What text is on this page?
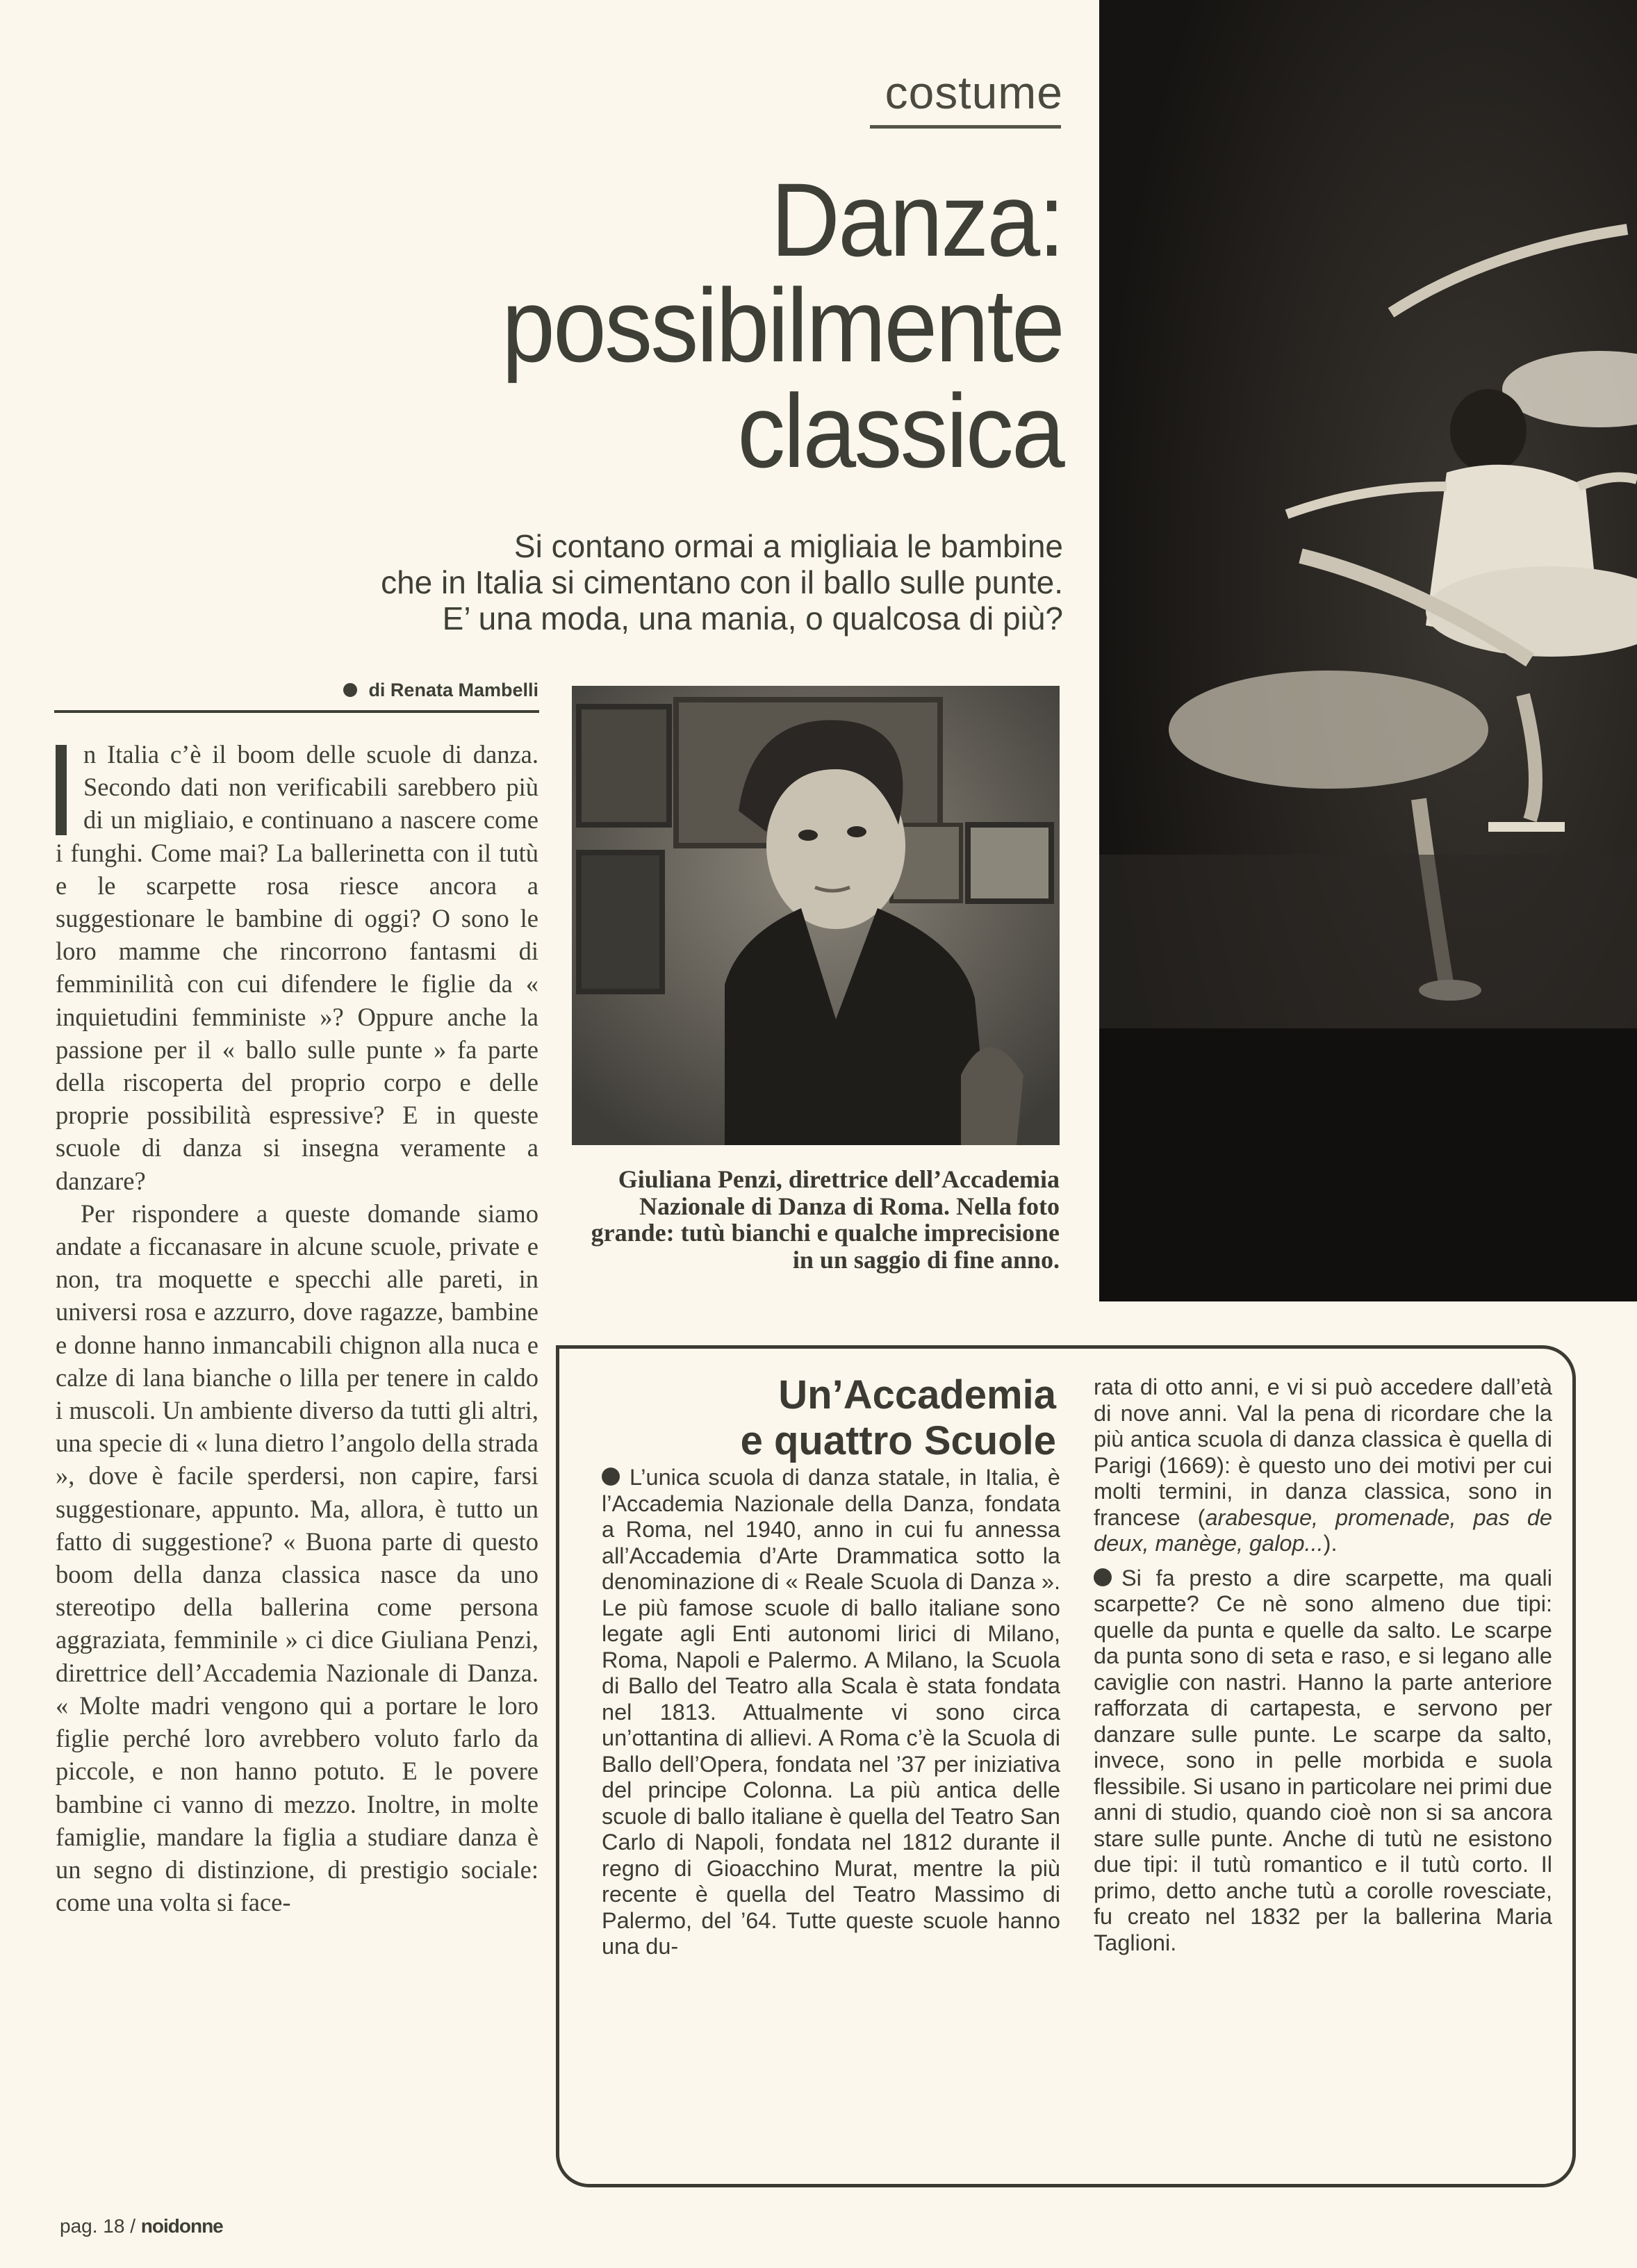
costume
Danza:
possibilmente
classica
Si contano ormai a migliaia le bambine
che in Italia si cimentano con il ballo sulle punte.
E’ una moda, una mania, o qualcosa di più?
di Renata Mambelli

n Italia c’è il boom delle scuole di danza. Secondo dati non verificabili sarebbero più di un migliaio, e continuano a nascere come i funghi. Come mai? La ballerinetta con il tutù e le scarpette rosa riesce ancora a suggestionare le bambine di oggi? O sono le loro mamme che rincorrono fantasmi di femminilità con cui difendere le figlie da « inquietudini femministe »? Oppure anche la passione per il « ballo sulle punte » fa parte della riscoperta del proprio corpo e delle proprie possibilità espressive? E in queste scuole di danza si insegna veramente a danzare?

Per rispondere a queste domande siamo andate a ficcanasare in alcune scuole, private e non, tra moquette e specchi alle pareti, in universi rosa e azzurro, dove ragazze, bambine e donne hanno inmancabili chignon alla nuca e calze di lana bianche o lilla per tenere in caldo i muscoli. Un ambiente diverso da tutti gli altri, una specie di « luna dietro l’angolo della strada », dove è facile sperdersi, non capire, farsi suggestionare, appunto. Ma, allora, è tutto un fatto di suggestione? « Buona parte di questo boom della danza classica nasce da uno stereotipo della ballerina come persona aggraziata, femminile » ci dice Giuliana Penzi, direttrice dell’Accademia Nazionale di Danza. « Molte madri vengono qui a portare le loro figlie perché loro avrebbero voluto farlo da piccole, e non hanno potuto. E le povere bambine ci vanno di mezzo. Inoltre, in molte famiglie, mandare la figlia a studiare danza è un segno di distinzione, di prestigio sociale: come una volta si face-

Giuliana Penzi, direttrice dell’Accademia Nazionale di Danza di Roma. Nella foto grande: tutù bianchi e qualche imprecisione in un saggio di fine anno.
Un’Accademia
e quattro Scuole

L’unica scuola di danza statale, in Italia, è l’Accademia Nazionale della Danza, fondata a Roma, nel 1940, anno in cui fu annessa all’Accademia d’Arte Drammatica sotto la denominazione di « Reale Scuola di Danza ». Le più famose scuole di ballo italiane sono legate agli Enti autonomi lirici di Milano, Roma, Napoli e Palermo. A Milano, la Scuola di Ballo del Teatro alla Scala è stata fondata nel 1813. Attualmente vi sono circa un’ottantina di allievi. A Roma c’è la Scuola di Ballo dell’Opera, fondata nel ’37 per iniziativa del principe Colonna. La più antica delle scuole di ballo italiane è quella del Teatro San Carlo di Napoli, fondata nel 1812 durante il regno di Gioacchino Murat, mentre la più recente è quella del Teatro Massimo di Palermo, del ’64. Tutte queste scuole hanno una du-

rata di otto anni, e vi si può accedere dall’età di nove anni. Val la pena di ricordare che la più antica scuola di danza classica è quella di Parigi (1669): è questo uno dei motivi per cui molti termini, in danza classica, sono in francese (arabesque, promenade, pas de deux, manège, galop...).

Si fa presto a dire scarpette, ma quali scarpette? Ce nè sono almeno due tipi: quelle da punta e quelle da salto. Le scarpe da punta sono di seta e raso, e si legano alle caviglie con nastri. Hanno la parte anteriore rafforzata di cartapesta, e servono per danzare sulle punte. Le scarpe da salto, invece, sono in pelle morbida e suola flessibile. Si usano in particolare nei primi due anni di studio, quando cioè non si sa ancora stare sulle punte. Anche di tutù ne esistono due tipi: il tutù romantico e il tutù corto. Il primo, detto anche tutù a corolle rovesciate, fu creato nel 1832 per la ballerina Maria Taglioni.

pag. 18 / noidonne
